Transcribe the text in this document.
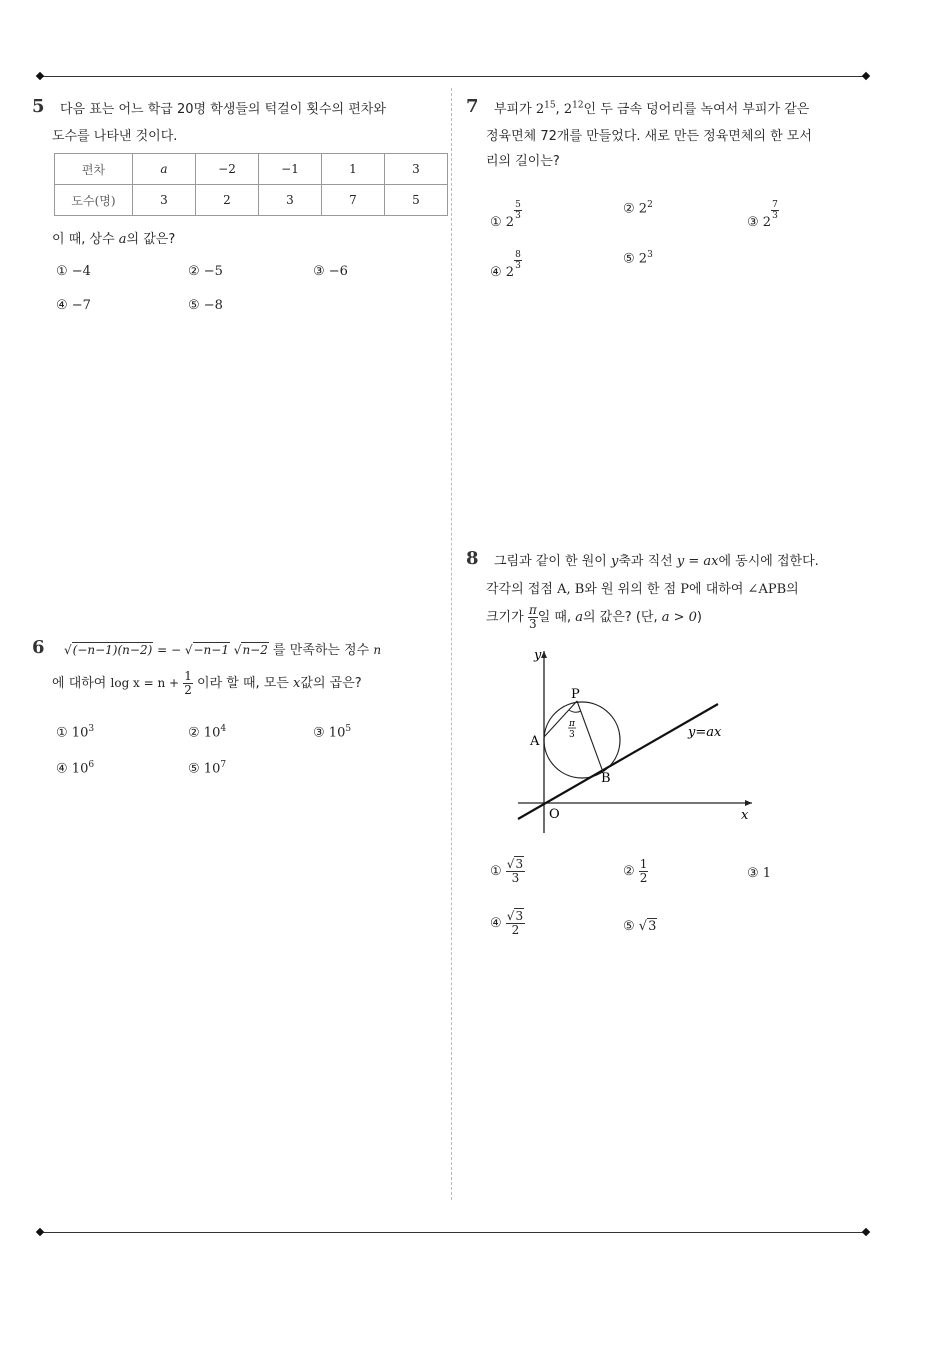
5 다음 표는 어느 학급 20명 학생들의 턱걸이 횟수의 편차와
도수를 나타낸 것이다.
편차	a	−2	−1	1	3
도수(명)	3	2	3	7	5
이 때, 상수 a의 값은?
① −4	② −5	③ −6
④ −7	⑤ −8
6 √(−n−1)(n−2) = − √−n−1 √n−2 를 만족하는 정수 n
에 대하여 $\log x = n + \frac{1}{2}$ 이라 할 때, 모든 x값의 곱은?
① $10^3$	② $10^4$	③ $10^5$
④ $10^6$	⑤ $10^7$
7 부피가 $2^{15}$, $2^{12}$인 두 금속 덩어리를 녹여서 부피가 같은
정육면체 72개를 만들었다. 새로 만든 정육면체의 한 모서
리의 길이는?
① 2
$\frac{5}{3}$	② $2^2$
③ 2
$\frac{7}{3}$
④ 2
$\frac{8}{3}$	⑤ $2^3$
8 그림과 같이 한 원이 y축과 직선 y = ax에 동시에 접한다.
각각의 접점 A, B와 원 위의 한 점 P에 대하여 ∠APB의
크기가 $\frac{\pi}{3}$ 일 때, a의 값은? (단, a > 0)
y
x
O
A
B
P
y=ax
π
3
① $\frac{√3}{3}$	② $\frac{1}{2}$	③ 1
④ $\frac{√3}{2}$	⑤ √3
